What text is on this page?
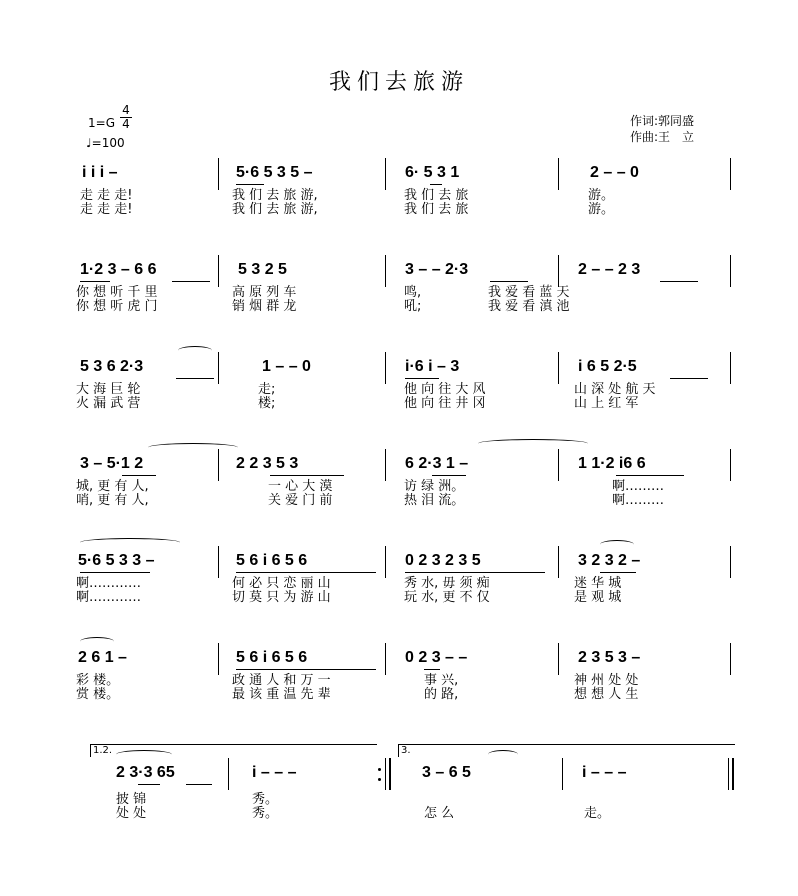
我们去旅游
1=G
4
4
♩=100
作词:郭同盛
作曲:王　立
i i i –	5·6 5 3 5 –	6· 5 3 1	2 – – 0
走 走 走!
走 走 走!
我 们 去 旅 游,
我 们 去 旅 游,
我 们 去 旅
我 们 去 旅
游。
游。
1·2 3 – 6 6	5 3 2 5	3 – – 2·3	2 – – 2 3
你 想 听 千 里
你 想 听 虎 门
高 原 列 车
销 烟 群 龙
鸣,
吼;
我 爱 看 蓝 天
我 爱 看 滇 池
5 3 6 2·3	1 – – 0	i·6 i – 3	i 6 5 2·5
大 海 巨 轮
火 漏 武 营
走;
楼;
他 向 往 大 风
他 向 往 井 冈
山 深 处 航 天
山 上 红 军
3 – 5·1 2	2 2 3 5 3	6 2·3 1 –	1 1·2 i6 6
城, 更 有 人,
哨, 更 有 人,
一 心 大 漠
关 爱 门 前
访 绿 洲。
热 泪 流。
啊………
啊………
5·6 5 3 3 –	5 6 i 6 5 6	0 2 3 2 3 5	3 2 3 2 –
啊…………
啊…………
何 必 只 恋 丽 山
切 莫 只 为 游 山
秀 水, 毋 须 痴
玩 水, 更 不 仅
迷 华 城
是 观 城
2 6 1 –	5 6 i 6 5 6	0 2 3 – –	2 3 5 3 –
彩 楼。
赏 楼。
政 通 人 和 万 一
最 该 重 温 先 辈
事 兴,
的 路,
神 州 处 处
想 想 人 生
1.2.	3.
2 3·3 65	i – – –	3 – 6 5	i – – –
披 锦
处 处
秀。
秀。	怎 么	走。
